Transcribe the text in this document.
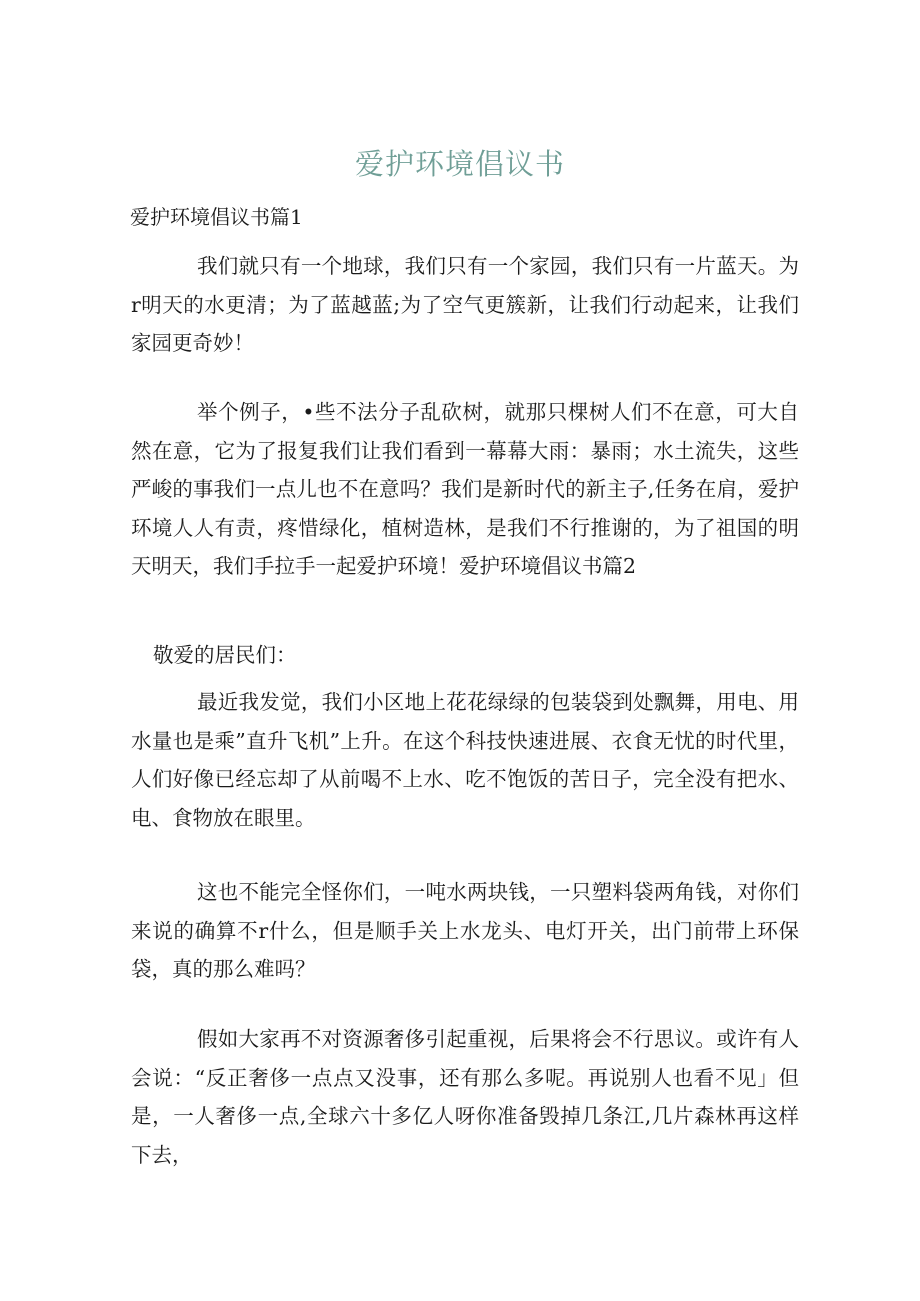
爱护环境倡议书
爱护环境倡议书篇1

我们就只有一个地球，我们只有一个家园，我们只有一片蓝天。为r明天的水更清；为了蓝越蓝;为了空气更簇新，让我们行动起来，让我们家园更奇妙！

举个例子，•些不法分子乱砍树，就那只棵树人们不在意，可大自然在意，它为了报复我们让我们看到一幕幕大雨：暴雨；水土流失，这些严峻的事我们一点儿也不在意吗？我们是新时代的新主子,任务在肩，爱护环境人人有责，疼惜绿化，植树造林，是我们不行推谢的，为了祖国的明天明天，我们手拉手一起爱护环境！爱护环境倡议书篇2

敬爱的居民们：

最近我发觉，我们小区地上花花绿绿的包装袋到处飘舞，用电、用水量也是乘”直升飞机”上升。在这个科技快速进展、衣食无忧的时代里，人们好像已经忘却了从前喝不上水、吃不饱饭的苦日子，完全没有把水、电、食物放在眼里。

这也不能完全怪你们，一吨水两块钱，一只塑料袋两角钱，对你们来说的确算不r什么，但是顺手关上水龙头、电灯开关，出门前带上环保袋，真的那么难吗？

假如大家再不对资源奢侈引起重视，后果将会不行思议。或许有人会说：“反正奢侈一点点又没事，还有那么多呢。再说别人也看不见」但是，一人奢侈一点,全球六十多亿人呀你准备毁掉几条江,几片森林再这样下去，
